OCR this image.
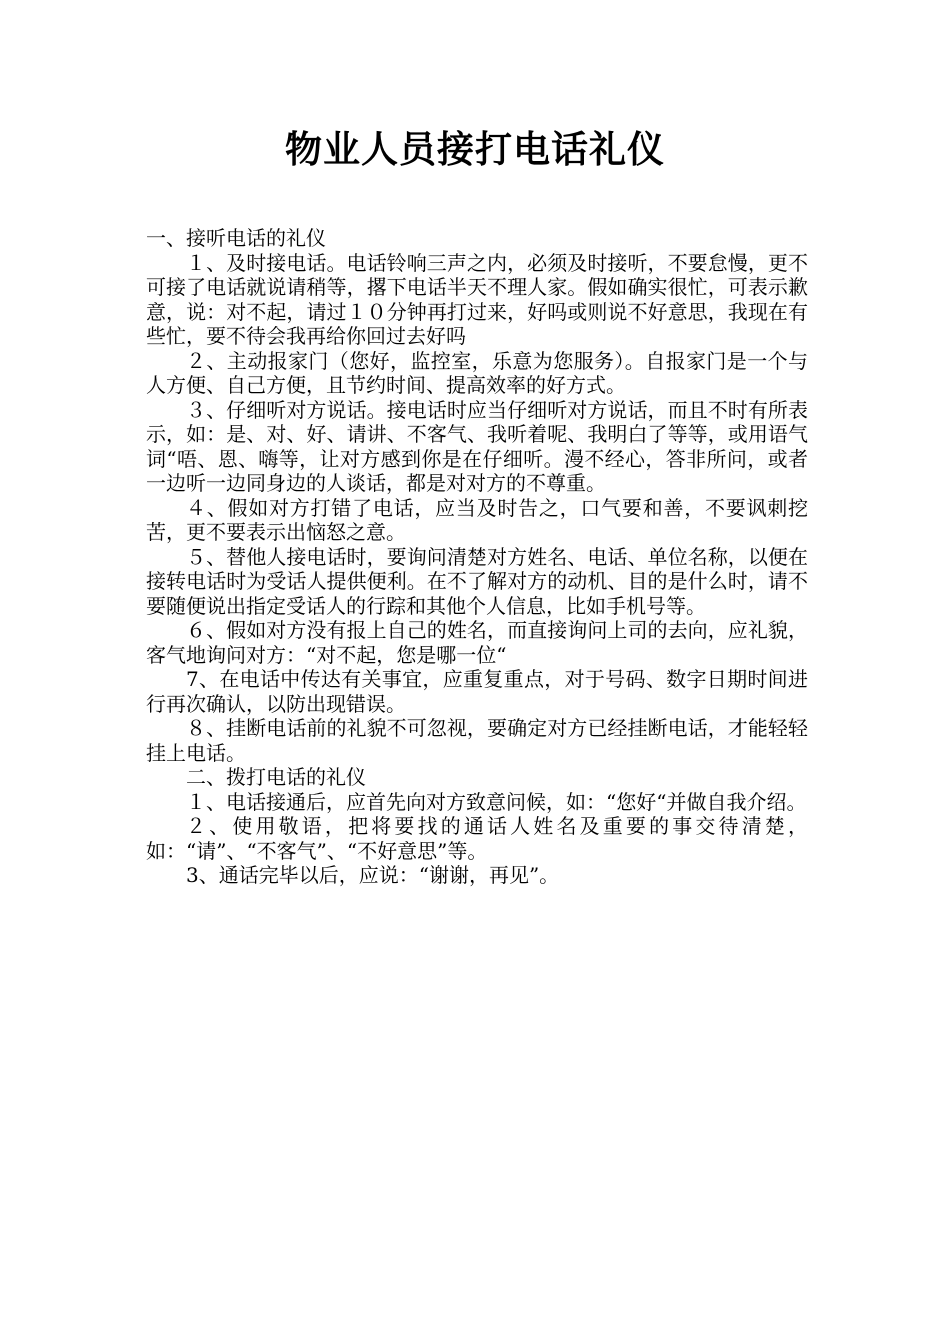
物业人员接打电话礼仪

一、接听电话的礼仪

１、及时接电话。电话铃响三声之内，必须及时接听，不要怠慢，更不可接了电话就说请稍等，撂下电话半天不理人家。假如确实很忙，可表示歉意，说：对不起，请过１０分钟再打过来，好吗或则说不好意思，我现在有些忙，要不待会我再给你回过去好吗

２、主动报家门（您好，监控室，乐意为您服务）。自报家门是一个与人方便、自己方便，且节约时间、提高效率的好方式。

３、仔细听对方说话。接电话时应当仔细听对方说话，而且不时有所表示，如：是、对、好、请讲、不客气、我听着呢、我明白了等等，或用语气词“唔、恩、嗨等，让对方感到你是在仔细听。漫不经心，答非所问，或者一边听一边同身边的人谈话，都是对对方的不尊重。

４、假如对方打错了电话，应当及时告之，口气要和善，不要讽刺挖苦，更不要表示出恼怒之意。

５、替他人接电话时，要询问清楚对方姓名、电话、单位名称，以便在接转电话时为受话人提供便利。在不了解对方的动机、目的是什么时，请不要随便说出指定受话人的行踪和其他个人信息，比如手机号等。

６、假如对方没有报上自己的姓名，而直接询问上司的去向，应礼貌，客气地询问对方：“对不起，您是哪一位“

7、在电话中传达有关事宜，应重复重点，对于号码、数字日期时间进行再次确认，以防出现错误。

８、挂断电话前的礼貌不可忽视，要确定对方已经挂断电话，才能轻轻挂上电话。

二、拨打电话的礼仪

１、电话接通后，应首先向对方致意问候，如：“您好“并做自我介绍。

２、使用敬语，把将要找的通话人姓名及重要的事交待清楚，如：“请”、“不客气”、“不好意思”等。

3、通话完毕以后，应说：“谢谢，再见”。
